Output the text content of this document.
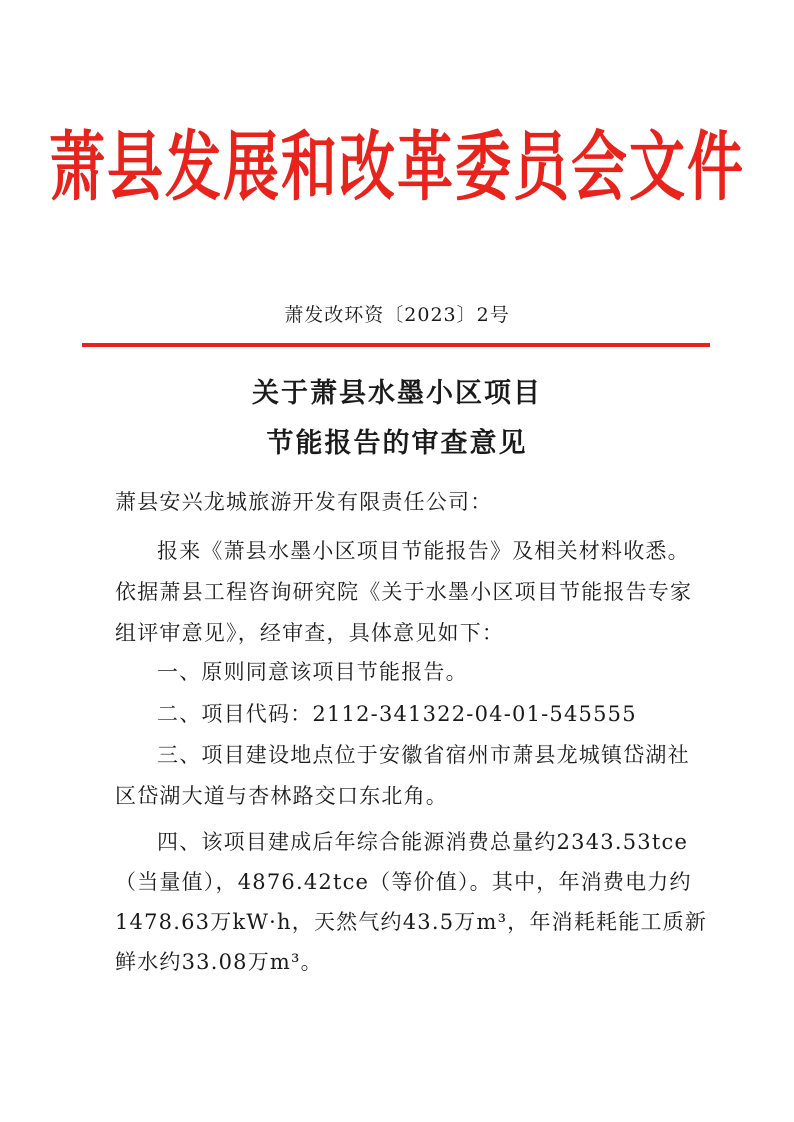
萧县发展和改革委员会文件
萧发改环资〔2023〕2号
关于萧县水墨小区项目
节能报告的审查意见
萧县安兴龙城旅游开发有限责任公司：
报来《萧县水墨小区项目节能报告》及相关材料收悉。
依据萧县工程咨询研究院《关于水墨小区项目节能报告专家
组评审意见》，经审查，具体意见如下：
一、原则同意该项目节能报告。
二、项目代码：2112-341322-04-01-545555
三、项目建设地点位于安徽省宿州市萧县龙城镇岱湖社
区岱湖大道与杏林路交口东北角。
四、该项目建成后年综合能源消费总量约2343.53tce
（当量值），4876.42tce（等价值）。其中，年消费电力约
1478.63万kW·h，天然气约43.5万m³，年消耗耗能工质新
鲜水约33.08万m³。
